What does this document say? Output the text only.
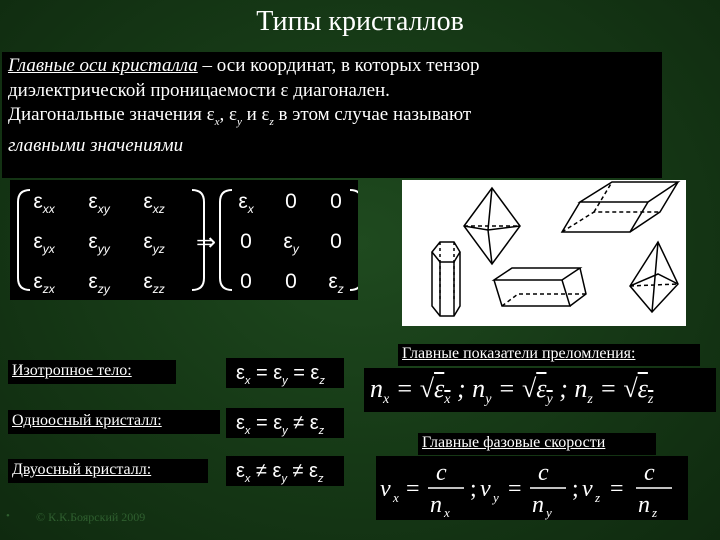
Типы кристаллов
Главные оси кристалла – оси координат, в которых тензор
диэлектрической проницаемости ε диагонален.
Диагональные значения $\varepsilon_x$, $\varepsilon_y$ и $\varepsilon_z$ в этом случае называют
главными значениями
$\varepsilon_{xx}$	$\varepsilon_{xy}$	$\varepsilon_{xz}$
$\varepsilon_{yx}$	$\varepsilon_{yy}$	$\varepsilon_{yz}$
$\varepsilon_{zx}$	$\varepsilon_{zy}$	$\varepsilon_{zz}$
⇒
$\varepsilon_x$	0	0
0	$\varepsilon_y$	0
0	0	$\varepsilon_z$
Изотропное тело:	$\varepsilon_x = \varepsilon_y = \varepsilon_z$
Одноосный кристалл:	$\varepsilon_x = \varepsilon_y \ne \varepsilon_z$
Двуосный кристалл:	$\varepsilon_x \ne \varepsilon_y \ne \varepsilon_z$
Главные показатели преломления:
$n_x = √\varepsilon_x$ ; $n_y = √\varepsilon_y$ ; $n_z = √\varepsilon_z$
Главные фазовые скорости
v x =
c
n x
; v y =
c
n y
; v z =
c
n z
• © К.К.Боярский 2009
